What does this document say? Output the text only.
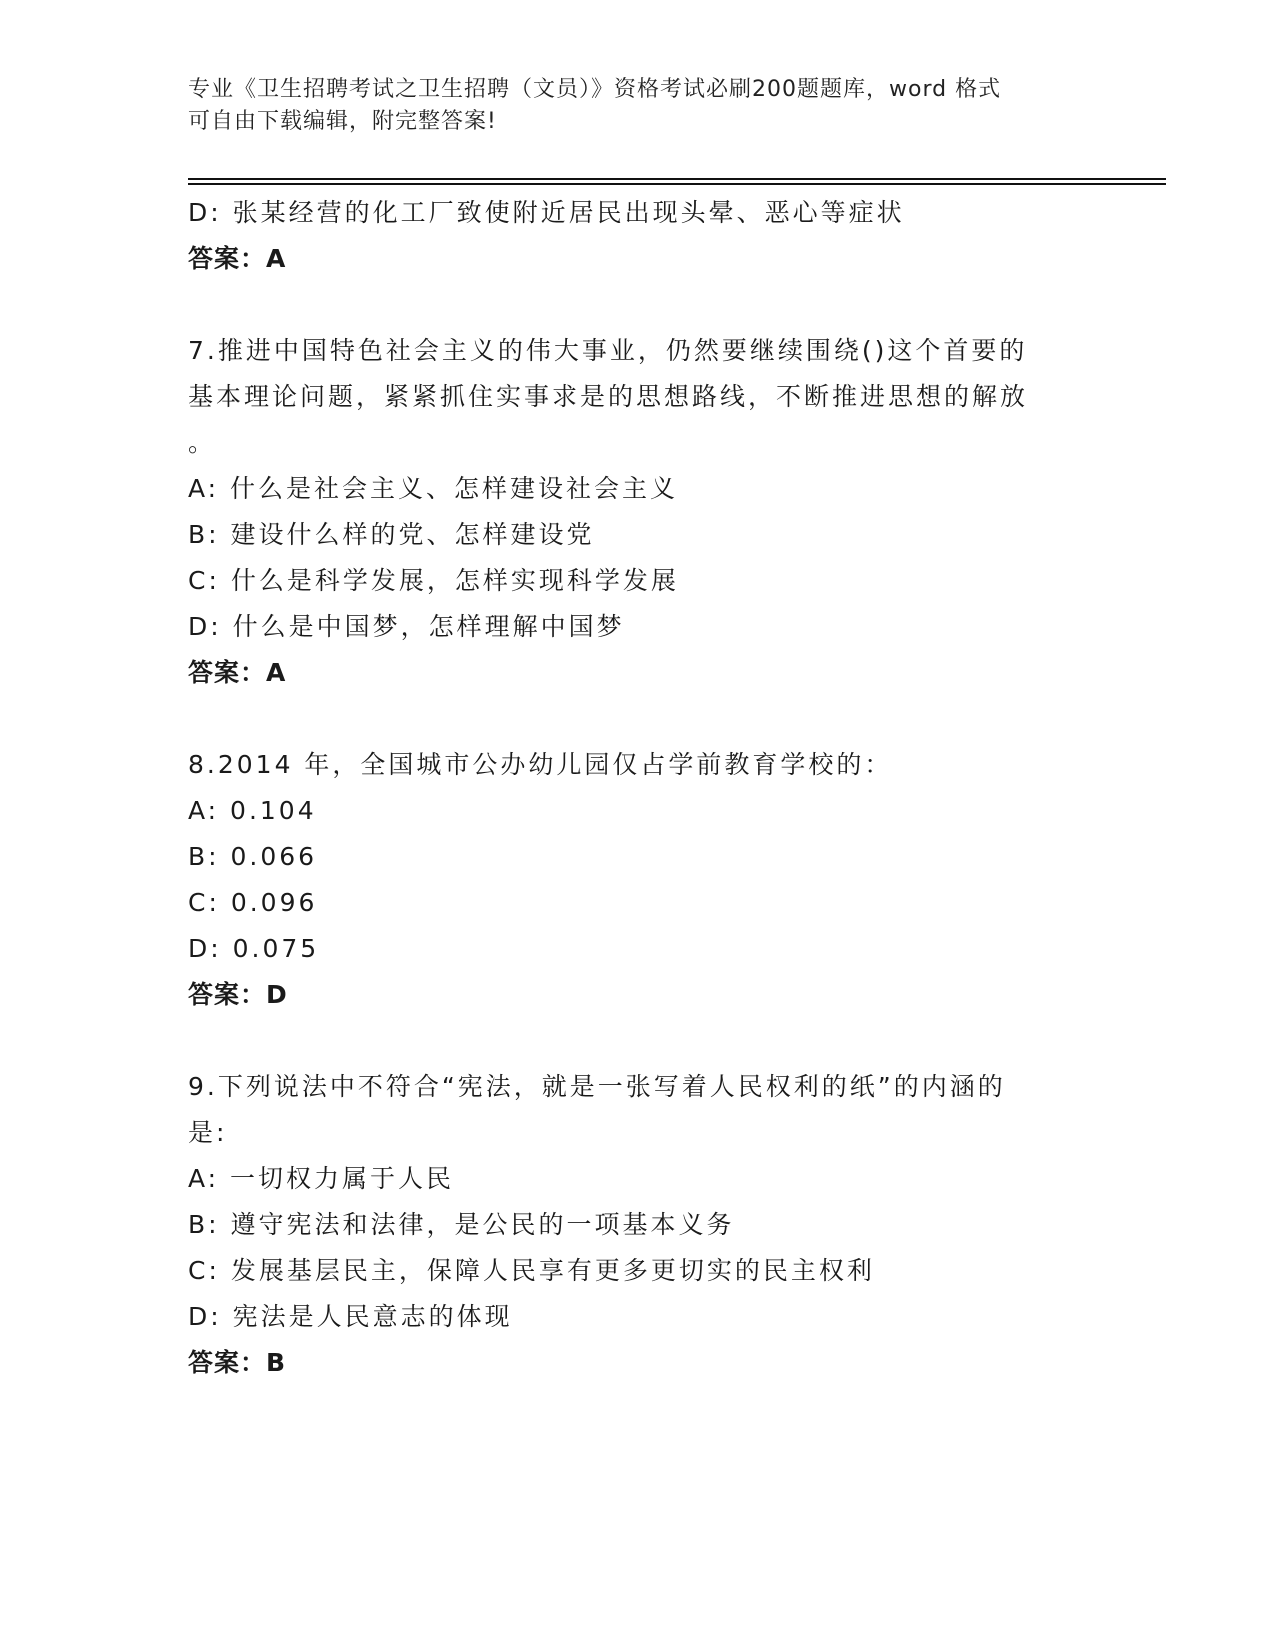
专业《卫生招聘考试之卫生招聘（文员）》资格考试必刷200题题库，word 格式
可自由下载编辑，附完整答案!
D: 张某经营的化工厂致使附近居民出现头晕、恶心等症状
答案：A
7.推进中国特色社会主义的伟大事业，仍然要继续围绕()这个首要的
基本理论问题，紧紧抓住实事求是的思想路线，不断推进思想的解放
。
A: 什么是社会主义、怎样建设社会主义
B: 建设什么样的党、怎样建设党
C: 什么是科学发展，怎样实现科学发展
D: 什么是中国梦，怎样理解中国梦
答案：A
8.2014 年，全国城市公办幼儿园仅占学前教育学校的：
A: 0.104
B: 0.066
C: 0.096
D: 0.075
答案：D
9.下列说法中不符合“宪法，就是一张写着人民权利的纸”的内涵的
是:
A: 一切权力属于人民
B: 遵守宪法和法律，是公民的一项基本义务
C: 发展基层民主，保障人民享有更多更切实的民主权利
D: 宪法是人民意志的体现
答案：B
